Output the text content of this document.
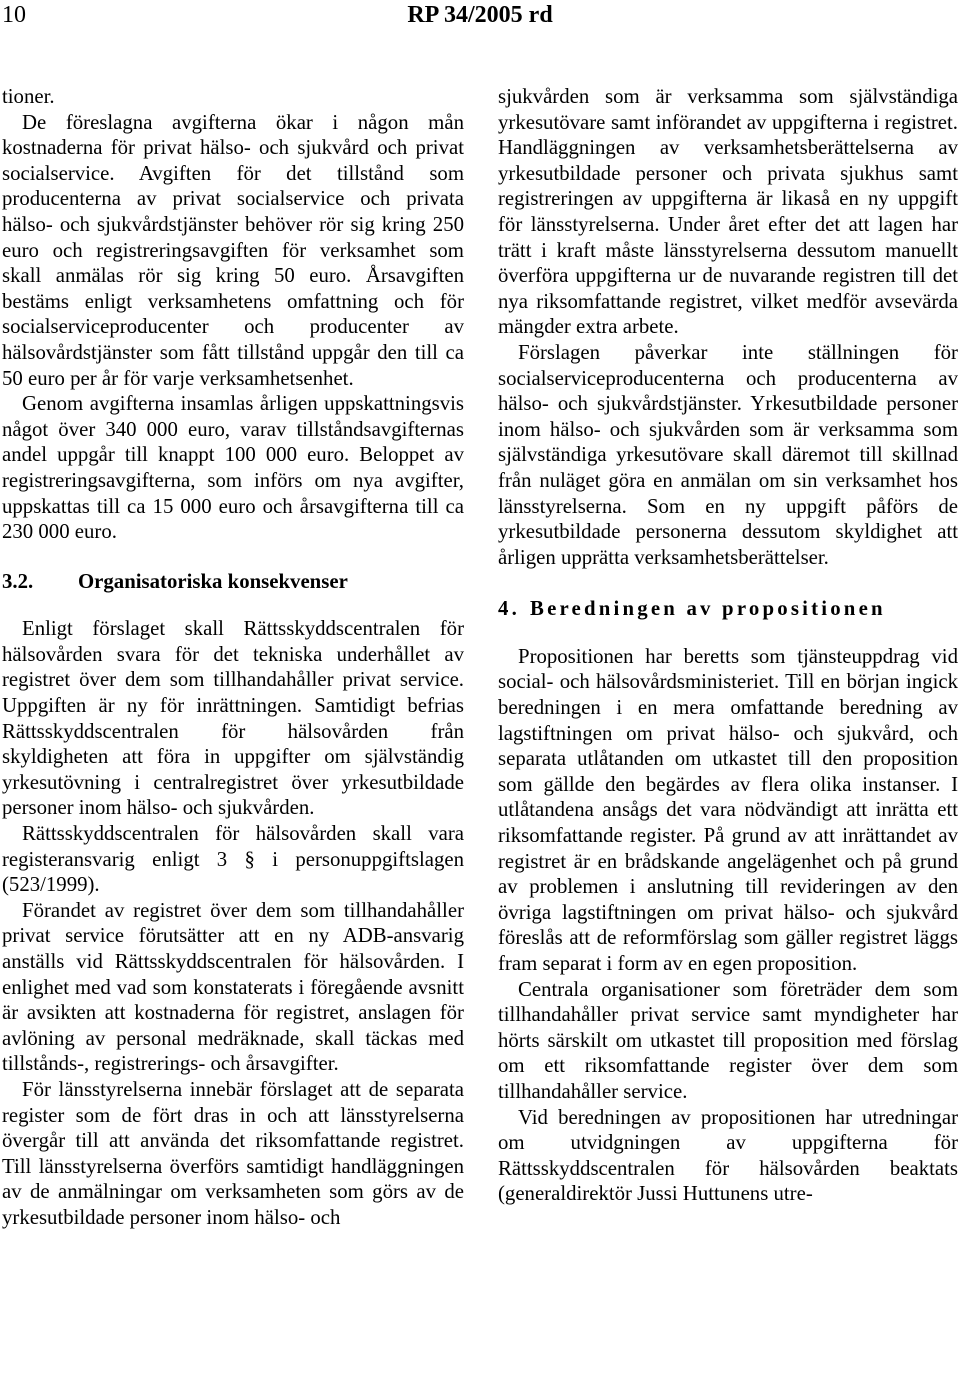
10	RP 34/2005 rd

tioner.

De föreslagna avgifterna ökar i någon mån kostnaderna för privat hälso- och sjukvård och privat socialservice. Avgiften för det tillstånd som producenterna av privat socialservice och privata hälso- och sjukvårdstjänster behöver rör sig kring 250 euro och registreringsavgiften för verksamhet som skall anmälas rör sig kring 50 euro. Årsavgiften bestäms enligt verksamhetens omfattning och för socialserviceproducenter och producenter av hälsovårdstjänster som fått tillstånd uppgår den till ca 50 euro per år för varje verksamhetsenhet.

Genom avgifterna insamlas årligen uppskattningsvis något över 340 000 euro, varav tillståndsavgifternas andel uppgår till knappt 100 000 euro. Beloppet av registreringsavgifterna, som införs om nya avgifter, uppskattas till ca 15 000 euro och årsavgifterna till ca 230 000 euro.

3.2. Organisatoriska konsekvenser

Enligt förslaget skall Rättsskyddscentralen för hälsovården svara för det tekniska underhållet av registret över dem som tillhandahåller privat service. Uppgiften är ny för inrättningen. Samtidigt befrias Rättsskyddscentralen för hälsovården från skyldigheten att föra in uppgifter om självständig yrkesutövning i centralregistret över yrkesutbildade personer inom hälso- och sjukvården.

Rättsskyddscentralen för hälsovården skall vara registeransvarig enligt 3 § i personuppgiftslagen (523/1999).

Förandet av registret över dem som tillhandahåller privat service förutsätter att en ny ADB-ansvarig anställs vid Rättsskyddscentralen för hälsovården. I enlighet med vad som konstaterats i föregående avsnitt är avsikten att kostnaderna för registret, anslagen för avlöning av personal medräknade, skall täckas med tillstånds-, registrerings- och årsavgifter.

För länsstyrelserna innebär förslaget att de separata register som de fört dras in och att länsstyrelserna övergår till att använda det riksomfattande registret. Till länsstyrelserna överförs samtidigt handläggningen av de anmälningar om verksamheten som görs av de yrkesutbildade personer inom hälso- och

sjukvården som är verksamma som självständiga yrkesutövare samt införandet av uppgifterna i registret. Handläggningen av verksamhetsberättelserna av yrkesutbildade personer och privata sjukhus samt registreringen av uppgifterna är likaså en ny uppgift för länsstyrelserna. Under året efter det att lagen har trätt i kraft måste länsstyrelserna dessutom manuellt överföra uppgifterna ur de nuvarande registren till det nya riksomfattande registret, vilket medför avsevärda mängder extra arbete.

Förslagen påverkar inte ställningen för socialserviceproducenterna och producenterna av hälso- och sjukvårdstjänster. Yrkesutbildade personer inom hälso- och sjukvården som är verksamma som självständiga yrkesutövare skall däremot till skillnad från nuläget göra en anmälan om sin verksamhet hos länsstyrelserna. Som en ny uppgift påförs de yrkesutbildade personerna dessutom skyldighet att årligen upprätta verksamhetsberättelser.

4. Beredningen av propositionen

Propositionen har beretts som tjänsteuppdrag vid social- och hälsovårdsministeriet. Till en början ingick beredningen i en mera omfattande beredning av lagstiftningen om privat hälso- och sjukvård, och separata utlåtanden om utkastet till den proposition som gällde den begärdes av flera olika instanser. I utlåtandena ansågs det vara nödvändigt att inrätta ett riksomfattande register. På grund av att inrättandet av registret är en brådskande angelägenhet och på grund av problemen i anslutning till revideringen av den övriga lagstiftningen om privat hälso- och sjukvård föreslås att de reformförslag som gäller registret läggs fram separat i form av en egen proposition.

Centrala organisationer som företräder dem som tillhandahåller privat service samt myndigheter har hörts särskilt om utkastet till proposition med förslag om ett riksomfattande register över dem som tillhandahåller service.

Vid beredningen av propositionen har utredningar om utvidgningen av uppgifterna för Rättsskyddscentralen för hälsovården beaktats (generaldirektör Jussi Huttunens utre-
